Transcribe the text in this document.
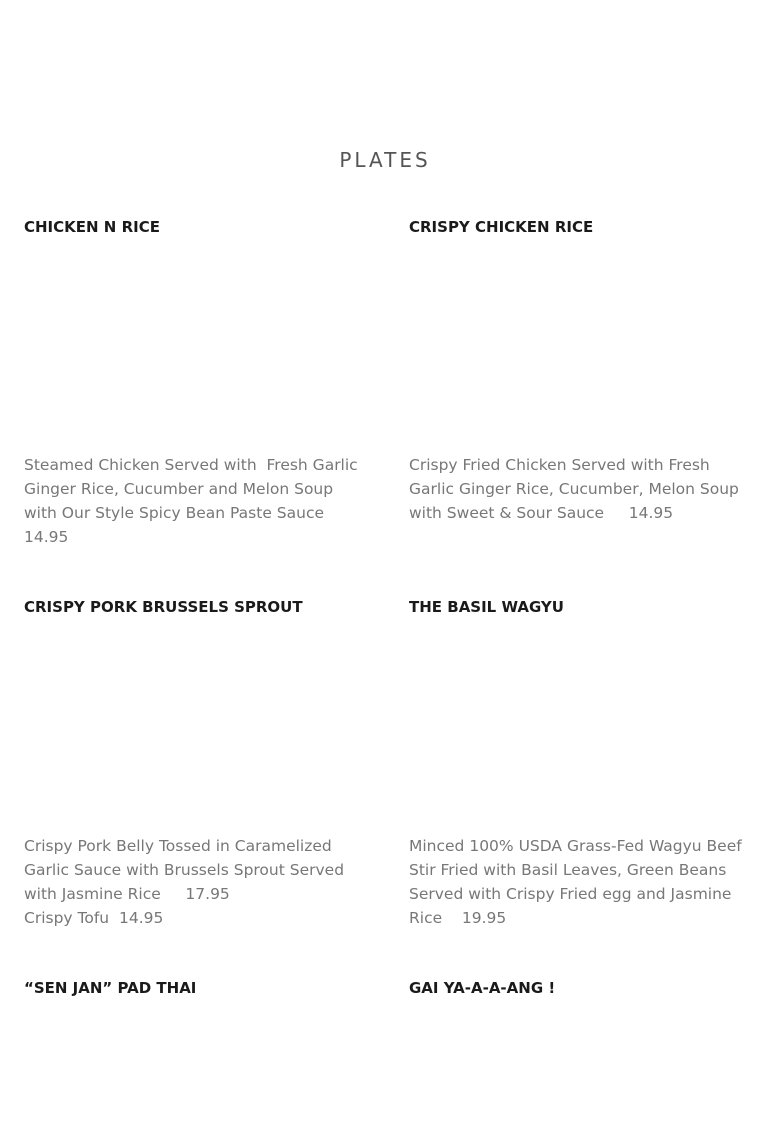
PLATES
CHICKEN N RICE

Steamed Chicken Served with  Fresh Garlic Ginger Rice, Cucumber and Melon Soup with Our Style Spicy Bean Paste Sauce    14.95

CRISPY CHICKEN RICE

Crispy Fried Chicken Served with Fresh Garlic Ginger Rice, Cucumber, Melon Soup with Sweet & Sour Sauce     14.95

CRISPY PORK BRUSSELS SPROUT

Crispy Pork Belly Tossed in Caramelized Garlic Sauce with Brussels Sprout Served with Jasmine Rice     17.95
Crispy Tofu  14.95

THE BASIL WAGYU

Minced 100% USDA Grass-Fed Wagyu Beef Stir Fried with Basil Leaves, Green Beans Served with Crispy Fried egg and Jasmine Rice    19.95

“SEN JAN” PAD THAI	GAI YA-A-A-ANG !
